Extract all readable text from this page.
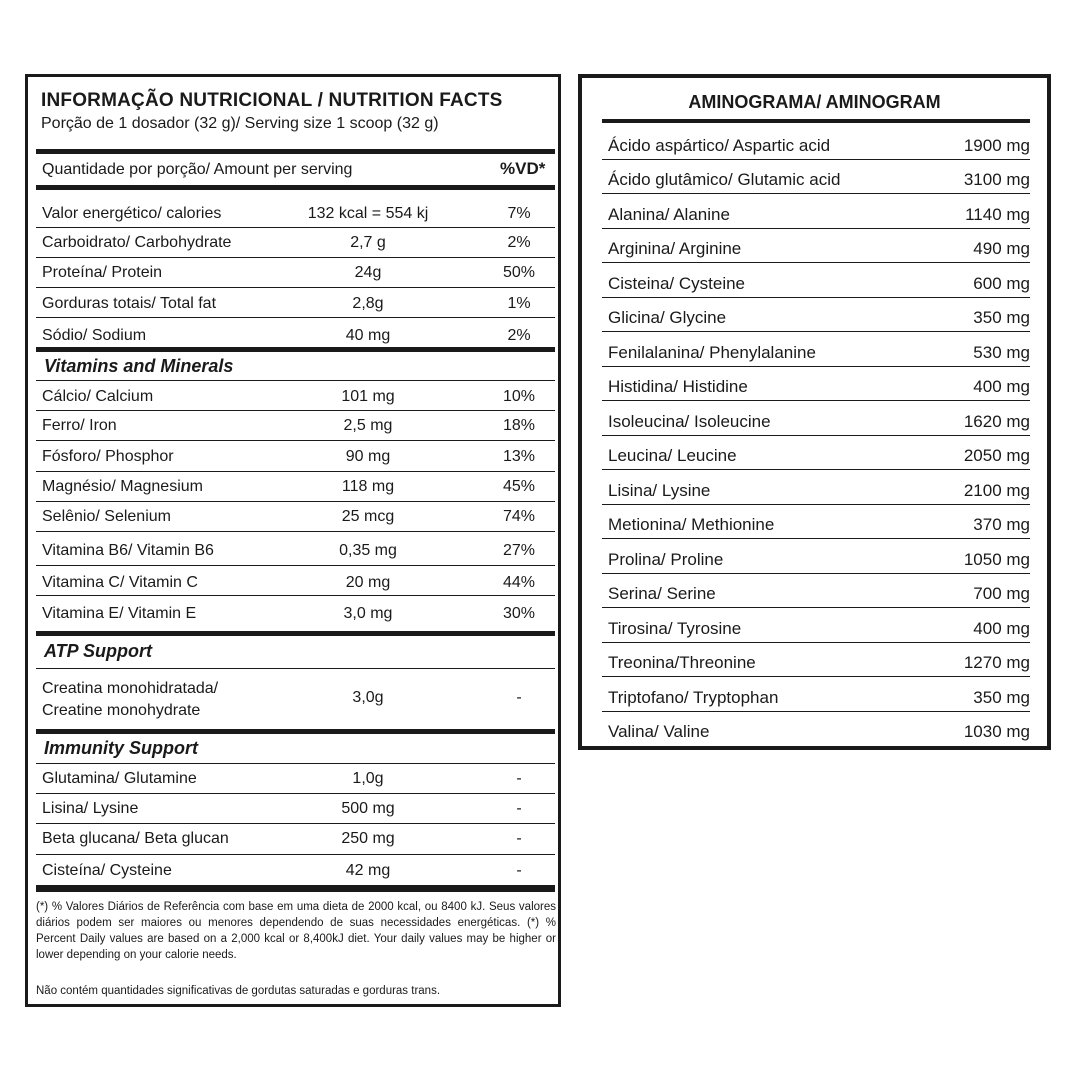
INFORMAÇÃO NUTRICIONAL / NUTRITION FACTS
Porção de 1 dosador (32 g)/ Serving size 1 scoop (32 g)
Quantidade por porção/ Amount per serving	%VD*
Valor energético/ calories	132 kcal = 554 kj	7%
Carboidrato/ Carbohydrate	2,7 g	2%
Proteína/ Protein	24g	50%
Gorduras totais/ Total fat	2,8g	1%
Sódio/ Sodium	40 mg	2%
Vitamins and Minerals
Cálcio/ Calcium	101 mg	10%
Ferro/ Iron	2,5 mg	18%
Fósforo/ Phosphor	90 mg	13%
Magnésio/ Magnesium	118 mg	45%
Selênio/ Selenium	25 mcg	74%
Vitamina B6/ Vitamin B6	0,35 mg	27%
Vitamina C/ Vitamin C	20 mg	44%
Vitamina E/ Vitamin E	3,0 mg	30%
ATP Support
Creatina monohidratada/
Creatine monohydrate
3,0g	-
Immunity Support
Glutamina/ Glutamine	1,0g	-
Lisina/ Lysine	500 mg	-
Beta glucana/ Beta glucan	250 mg	-
Cisteína/ Cysteine	42 mg	-
(*) % Valores Diários de Referência com base em uma dieta de 2000 kcal, ou 8400 kJ. Seus valores diários podem ser maiores ou menores dependendo de suas necessidades energéticas. (*) % Percent Daily values are based on a 2,000 kcal or 8,400kJ diet. Your daily values may be higher or lower depending on your calorie needs.
Não contém quantidades significativas de gordutas saturadas e gorduras trans.
AMINOGRAMA/ AMINOGRAM
Ácido aspártico/ Aspartic acid	1900 mg
Ácido glutâmico/ Glutamic acid	3100 mg
Alanina/ Alanine	1140 mg
Arginina/ Arginine	490 mg
Cisteina/ Cysteine	600 mg
Glicina/ Glycine	350 mg
Fenilalanina/ Phenylalanine	530 mg
Histidina/ Histidine	400 mg
Isoleucina/ Isoleucine	1620 mg
Leucina/ Leucine	2050 mg
Lisina/ Lysine	2100 mg
Metionina/ Methionine	370 mg
Prolina/ Proline	1050 mg
Serina/ Serine	700 mg
Tirosina/ Tyrosine	400 mg
Treonina/Threonine	1270 mg
Triptofano/ Tryptophan	350 mg
Valina/ Valine	1030 mg
